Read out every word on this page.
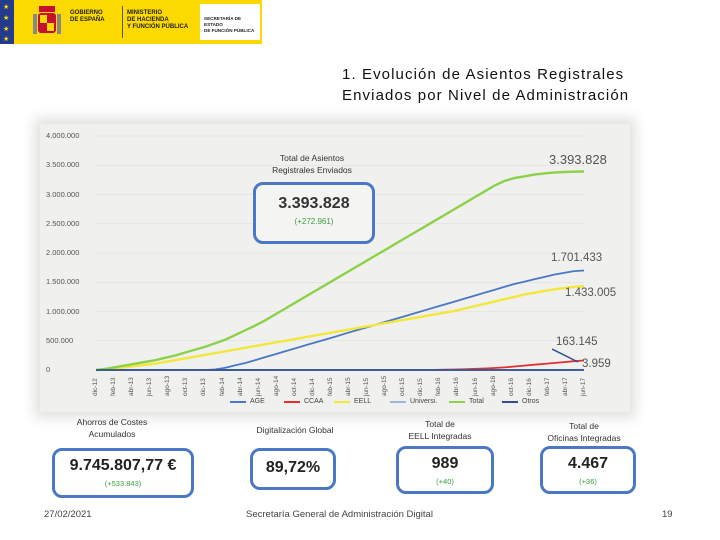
★
★
★
★
GOBIERNO
DE ESPAÑA
MINISTERIO
DE HACIENDA
Y FUNCIÓN PÚBLICA
SECRETARÍA DE ESTADO
DE FUNCIÓN PÚBLICA
1. Evolución de Asientos Registrales
Enviados por Nivel de Administración
0
500.000
1.000.000
1.500.000
2.000.000
2.500.000
3.000.000
3.500.000
4.000.000
dic-12 feb-13 abr-13 jun-13 ago-13 oct-13 dic-13 feb-14 abr-14 jun-14 ago-14 oct-14 dic-14 feb-15 abr-15 jun-15 ago-15 oct-15 dic-15 feb-16 abr-16 jun-16 ago-16 oct-16 dic-16 feb-17 abr-17 jun-17
AGE	CCAA	EELL	Universi.	Total	Otros
3.393.828
1.701.433
1.433.005
163.145
3.959
Total de Asientos
Registrales Enviados
3.393.828
(+272.961)
Ahorros de Costes
Acumulados	Digitalización Global
Total de
EELL Integradas
Total de
Oficinas Integradas
9.745.807,77 €
(+533.843)
89,72%	989
(+40)
4.467
(+36)
27/02/2021	Secretaría General de Administración Digital	19
